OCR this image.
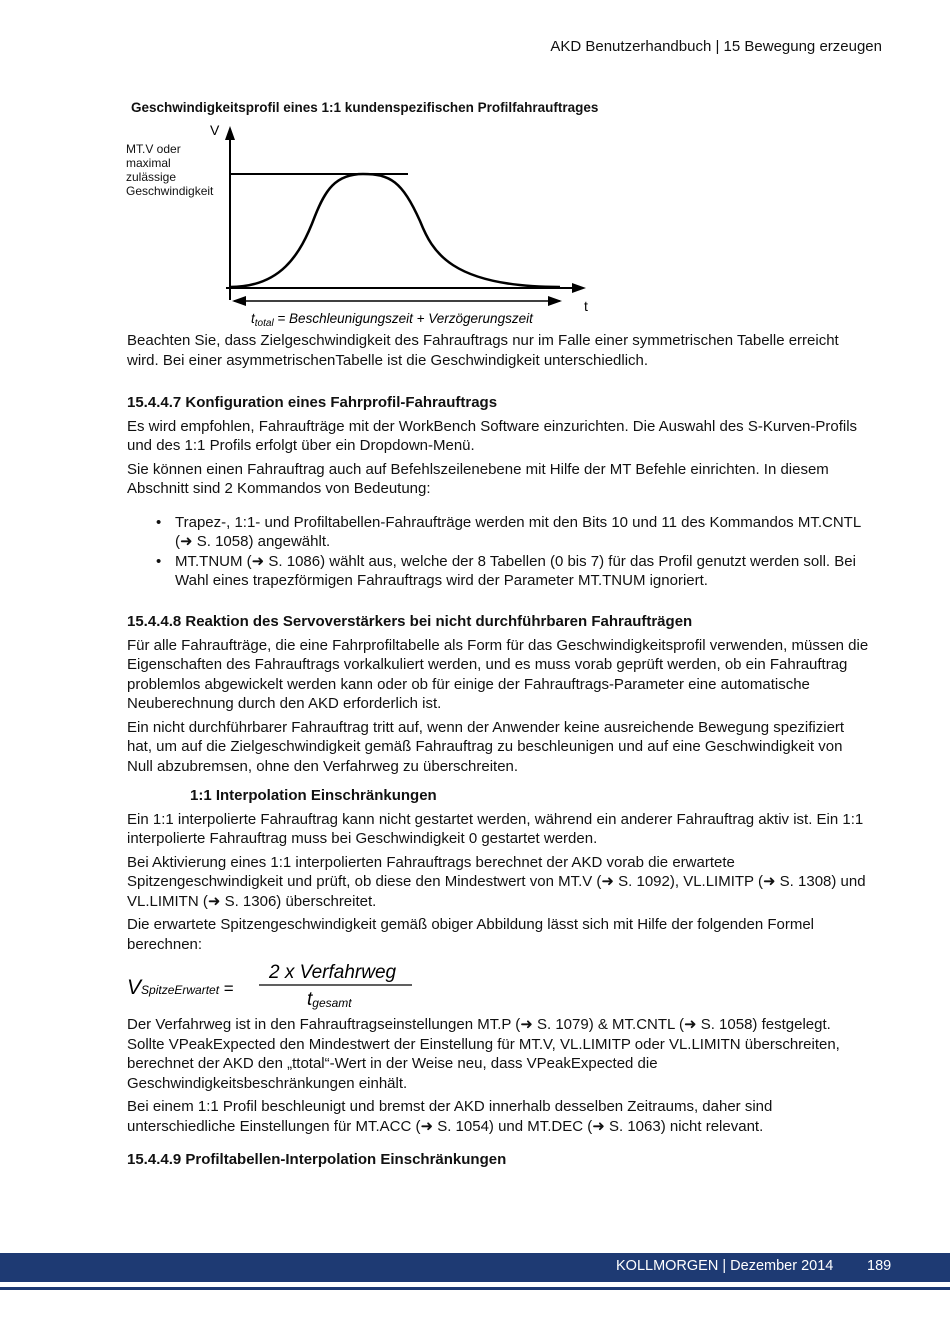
AKD Benutzerhandbuch | 15 Bewegung erzeugen
Geschwindigkeitsprofil eines 1:1 kundenspezifischen Profilfahrauftrages
V
t
MT.V oder
maximal
zulässige
Geschwindigkeit
$t_{total}$ = Beschleunigungszeit + Verzögerungszeit

Beachten Sie, dass Zielgeschwindigkeit des Fahrauftrags nur im Falle einer symmetrischen Tabelle erreicht wird. Bei einer asymmetrischenTabelle ist die Geschwindigkeit unterschiedlich.

15.4.4.7 Konfiguration eines Fahrprofil-Fahrauftrags

Es wird empfohlen, Fahraufträge mit der WorkBench Software einzurichten. Die Auswahl des S-Kurven-Profils und des 1:1 Profils erfolgt über ein Dropdown-Menü.

Sie können einen Fahrauftrag auch auf Befehlszeilenebene mit Hilfe der MT Befehle einrichten. In diesem Abschnitt sind 2 Kommandos von Bedeutung:

• Trapez-, 1:1- und Profiltabellen-Fahraufträge werden mit den Bits 10 und 11 des Kommandos MT.CNTL (➜ S. 1058) angewählt.
• MT.TNUM (➜ S. 1086) wählt aus, welche der 8 Tabellen (0 bis 7) für das Profil genutzt werden soll. Bei Wahl eines trapezförmigen Fahrauftrags wird der Parameter MT.TNUM ignoriert.

15.4.4.8 Reaktion des Servoverstärkers bei nicht durchführbaren Fahraufträgen

Für alle Fahraufträge, die eine Fahrprofiltabelle als Form für das Geschwindigkeitsprofil verwenden, müssen die Eigenschaften des Fahrauftrags vorkalkuliert werden, und es muss vorab geprüft werden, ob ein Fahrauftrag problemlos abgewickelt werden kann oder ob für einige der Fahrauftrags-Parameter eine automatische Neuberechnung durch den AKD erforderlich ist.

Ein nicht durchführbarer Fahrauftrag tritt auf, wenn der Anwender keine ausreichende Bewegung spezifiziert hat, um auf die Zielgeschwindigkeit gemäß Fahrauftrag zu beschleunigen und auf eine Geschwindigkeit von Null abzubremsen, ohne den Verfahrweg zu überschreiten.

1:1 Interpolation Einschränkungen

Ein 1:1 interpolierte Fahrauftrag kann nicht gestartet werden, während ein anderer Fahrauftrag aktiv ist. Ein 1:1 interpolierte Fahrauftrag muss bei Geschwindigkeit 0 gestartet werden.

Bei Aktivierung eines 1:1 interpolierten Fahrauftrags berechnet der AKD vorab die erwartete Spitzengeschwindigkeit und prüft, ob diese den Mindestwert von MT.V (➜ S. 1092), VL.LIMITP (➜ S. 1308) und VL.LIMITN (➜ S. 1306) überschreitet.

Die erwartete Spitzengeschwindigkeit gemäß obiger Abbildung lässt sich mit Hilfe der folgenden Formel berechnen:

VSpitzeErwartet =
2 x Verfahrweg
tgesamt

Der Verfahrweg ist in den Fahrauftragseinstellungen MT.P (➜ S. 1079) & MT.CNTL (➜ S. 1058) festgelegt. Sollte VPeakExpected den Mindestwert der Einstellung für MT.V, VL.LIMITP oder VL.LIMITN überschreiten, berechnet der AKD den „ttotal“-Wert in der Weise neu, dass VPeakExpected die Geschwindigkeitsbeschränkungen einhält.

Bei einem 1:1 Profil beschleunigt und bremst der AKD innerhalb desselben Zeitraums, daher sind unterschiedliche Einstellungen für MT.ACC (➜ S. 1054) und MT.DEC (➜ S. 1063) nicht relevant.

15.4.4.9 Profiltabellen-Interpolation Einschränkungen

KOLLMORGEN | Dezember 2014 189
